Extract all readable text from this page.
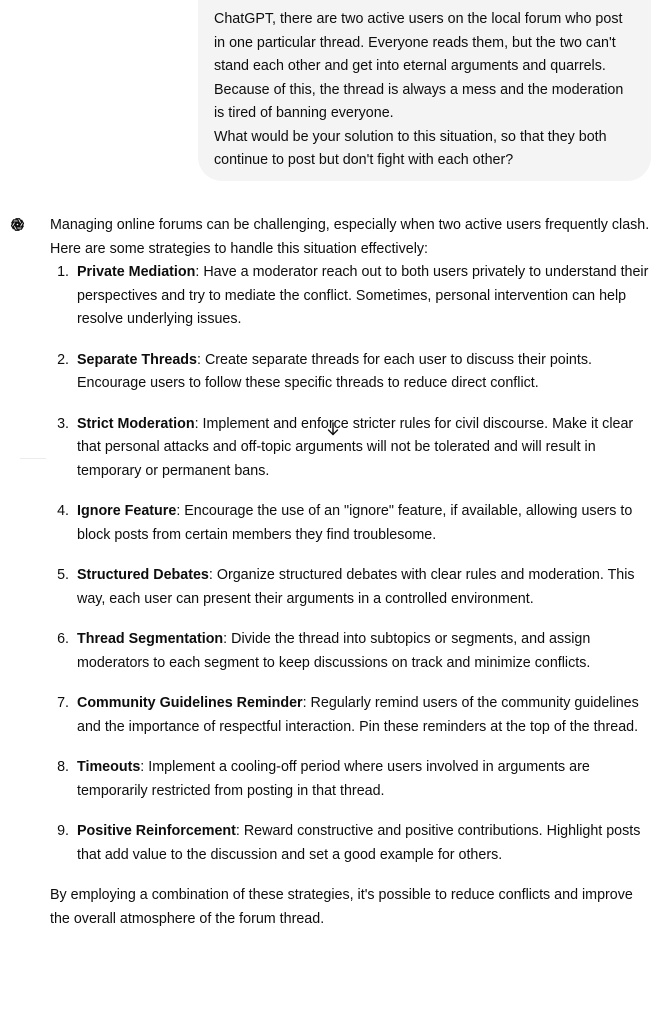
ChatGPT, there are two active users on the local forum who post in one particular thread. Everyone reads them, but the two can't stand each other and get into eternal arguments and quarrels. Because of this, the thread is always a mess and the moderation is tired of banning everyone.
What would be your solution to this situation, so that they both continue to post but don't fight with each other?

Managing online forums can be challenging, especially when two active users frequently clash. Here are some strategies to handle this situation effectively:

1. Private Mediation: Have a moderator reach out to both users privately to understand their perspectives and try to mediate the conflict. Sometimes, personal intervention can help resolve underlying issues.
2. Separate Threads: Create separate threads for each user to discuss their points. Encourage users to follow these specific threads to reduce direct conflict.
3. Strict Moderation: Implement and enforce stricter rules for civil discourse. Make it clear that personal attacks and off-topic arguments will not be tolerated and will result in temporary or permanent bans.
4. Ignore Feature: Encourage the use of an "ignore" feature, if available, allowing users to block posts from certain members they find troublesome.
5. Structured Debates: Organize structured debates with clear rules and moderation. This way, each user can present their arguments in a controlled environment.
6. Thread Segmentation: Divide the thread into subtopics or segments, and assign moderators to each segment to keep discussions on track and minimize conflicts.
7. Community Guidelines Reminder: Regularly remind users of the community guidelines and the importance of respectful interaction. Pin these reminders at the top of the thread.
8. Timeouts: Implement a cooling-off period where users involved in arguments are temporarily restricted from posting in that thread.
9. Positive Reinforcement: Reward constructive and positive contributions. Highlight posts that add value to the discussion and set a good example for others.

By employing a combination of these strategies, it's possible to reduce conflicts and improve the overall atmosphere of the forum thread.
